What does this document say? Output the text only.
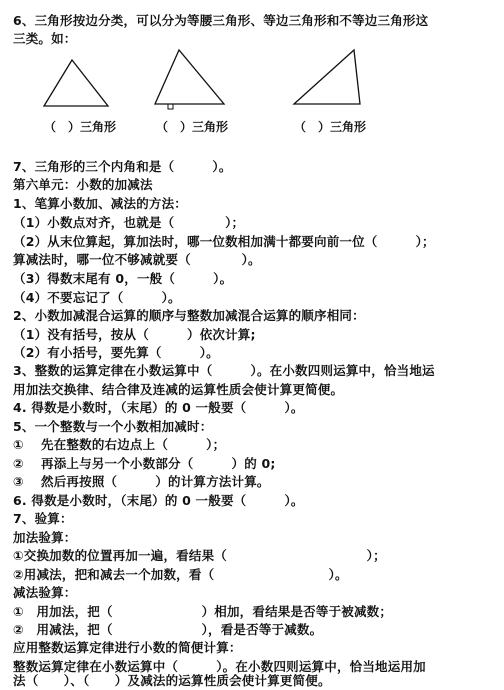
6、三角形按边分类，可以分为等腰三角形、等边三角形和不等边三角形这
三类。如：
（　）三角形	（　）三角形	（　）三角形
7、三角形的三个内角和是（　　　）。
第六单元：小数的加减法
1、笔算小数加、减法的方法：
（1）小数点对齐，也就是（　　　　）；
（2）从末位算起，算加法时，哪一位数相加满十都要向前一位（　　　）；
算减法时，哪一位不够减就要（　　　　）。
（3）得数末尾有 0，一般（　　　）。
（4）不要忘记了（　　　）。
2、小数加减混合运算的顺序与整数加减混合运算的顺序相同：
（1）没有括号，按从（　　　）依次计算;
（2）有小括号，要先算（　　　）。
3、整数的运算定律在小数运算中（　　　）。在小数四则运算中，恰当地运
用加法交换律、结合律及连减的运算性质会使计算更简便。
4. 得数是小数时，（末尾）的 0 一般要（　　　）。
5、一个整数与一个小数相加减时：
①　 先在整数的右边点上（　　　）；
②　 再添上与另一个小数部分（　　　）的 0;
③　 然后再按照（　　　）的计算方法计算。
6. 得数是小数时，（末尾）的 0 一般要（　　　）。
7、验算：
加法验算：
①交换加数的位置再加一遍，看结果（　　　　　　　　　　　）；
②用减法，把和减去一个加数，看（　　　　　　　　　）。
减法验算：
①　用加法，把（　　　　　　　）相加，看结果是否等于被减数；
②　用减法，把（　　　　　　　），看是否等于减数。
应用整数运算定律进行小数的简便计算：
整数运算定律在小数运算中（　　　）。在小数四则运算中，恰当地运用加
法（　　）、（　　）及减法的运算性质会使计算更简便。
